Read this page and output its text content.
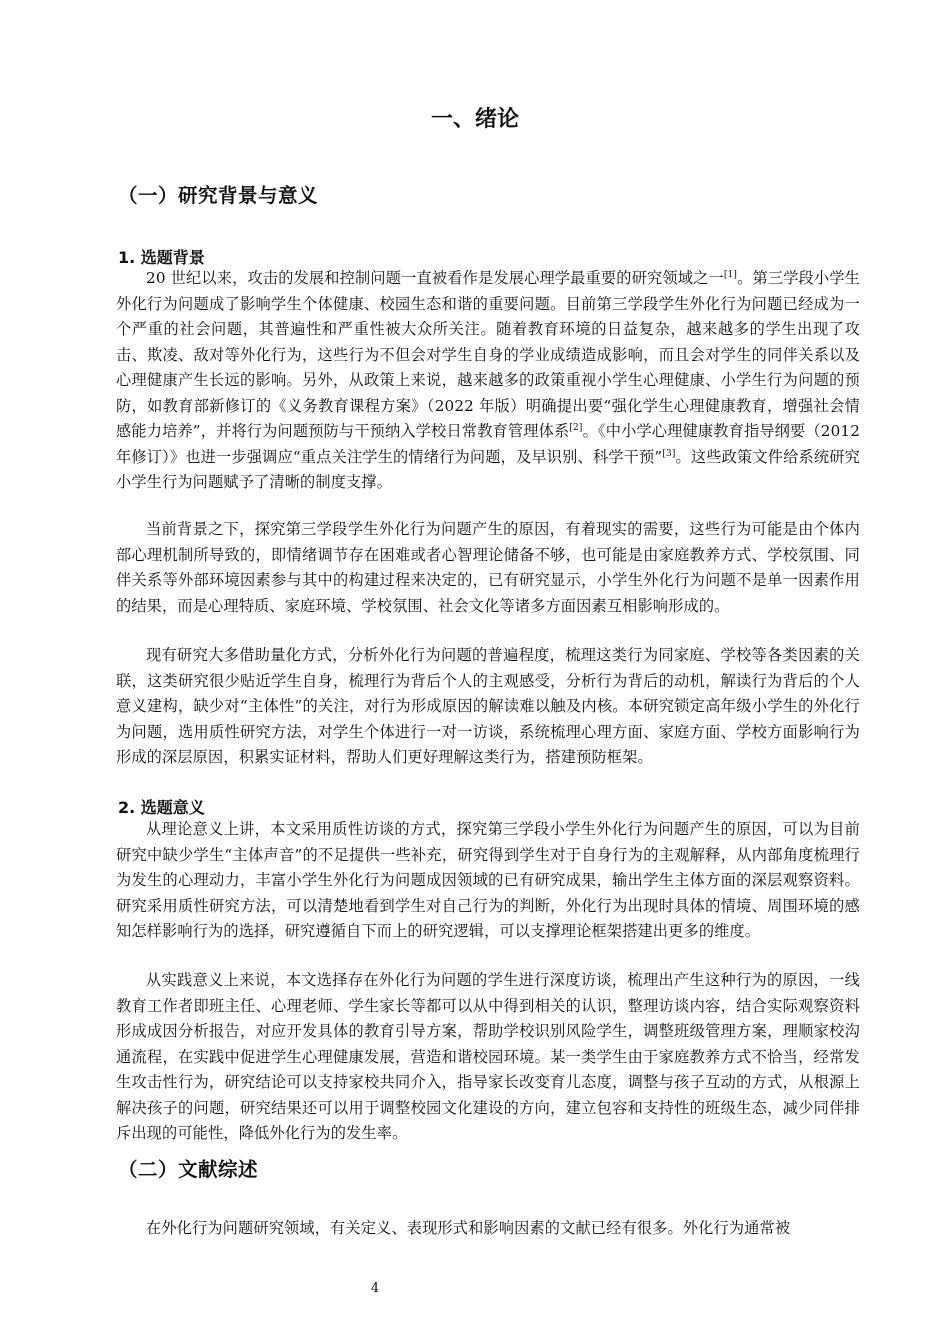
一、绪论
（一）研究背景与意义
1. 选题背景

20 世纪以来，攻击的发展和控制问题一直被看作是发展心理学最重要的研究领域之一[1]。第三学段小学生外化行为问题成了影响学生个体健康、校园生态和谐的重要问题。目前第三学段学生外化行为问题已经成为一个严重的社会问题，其普遍性和严重性被大众所关注。随着教育环境的日益复杂，越来越多的学生出现了攻击、欺凌、敌对等外化行为，这些行为不但会对学生自身的学业成绩造成影响，而且会对学生的同伴关系以及心理健康产生长远的影响。另外，从政策上来说，越来越多的政策重视小学生心理健康、小学生行为问题的预防，如教育部新修订的《义务教育课程方案》（2022 年版）明确提出要“强化学生心理健康教育，增强社会情感能力培养”，并将行为问题预防与干预纳入学校日常教育管理体系[2]。《中小学心理健康教育指导纲要（2012 年修订）》也进一步强调应“重点关注学生的情绪行为问题，及早识别、科学干预”[3]。这些政策文件给系统研究小学生行为问题赋予了清晰的制度支撑。

当前背景之下，探究第三学段学生外化行为问题产生的原因，有着现实的需要，这些行为可能是由个体内部心理机制所导致的，即情绪调节存在困难或者心智理论储备不够，也可能是由家庭教养方式、学校氛围、同伴关系等外部环境因素参与其中的构建过程来决定的，已有研究显示，小学生外化行为问题不是单一因素作用的结果，而是心理特质、家庭环境、学校氛围、社会文化等诸多方面因素互相影响形成的。

现有研究大多借助量化方式，分析外化行为问题的普遍程度，梳理这类行为同家庭、学校等各类因素的关联，这类研究很少贴近学生自身，梳理行为背后个人的主观感受，分析行为背后的动机，解读行为背后的个人意义建构，缺少对“主体性”的关注，对行为形成原因的解读难以触及内核。本研究锁定高年级小学生的外化行为问题，选用质性研究方法，对学生个体进行一对一访谈，系统梳理心理方面、家庭方面、学校方面影响行为形成的深层原因，积累实证材料，帮助人们更好理解这类行为，搭建预防框架。

2. 选题意义

从理论意义上讲，本文采用质性访谈的方式，探究第三学段小学生外化行为问题产生的原因，可以为目前研究中缺少学生“主体声音”的不足提供一些补充，研究得到学生对于自身行为的主观解释，从内部角度梳理行为发生的心理动力，丰富小学生外化行为问题成因领域的已有研究成果，输出学生主体方面的深层观察资料。研究采用质性研究方法，可以清楚地看到学生对自己行为的判断，外化行为出现时具体的情境、周围环境的感知怎样影响行为的选择，研究遵循自下而上的研究逻辑，可以支撑理论框架搭建出更多的维度。

从实践意义上来说，本文选择存在外化行为问题的学生进行深度访谈，梳理出产生这种行为的原因，一线教育工作者即班主任、心理老师、学生家长等都可以从中得到相关的认识，整理访谈内容，结合实际观察资料形成成因分析报告，对应开发具体的教育引导方案，帮助学校识别风险学生，调整班级管理方案，理顺家校沟通流程，在实践中促进学生心理健康发展，营造和谐校园环境。某一类学生由于家庭教养方式不恰当，经常发生攻击性行为，研究结论可以支持家校共同介入，指导家长改变育儿态度，调整与孩子互动的方式，从根源上解决孩子的问题，研究结果还可以用于调整校园文化建设的方向，建立包容和支持性的班级生态，减少同伴排斥出现的可能性，降低外化行为的发生率。

（二）文献综述

在外化行为问题研究领域，有关定义、表现形式和影响因素的文献已经有很多。外化行为通常被

4
